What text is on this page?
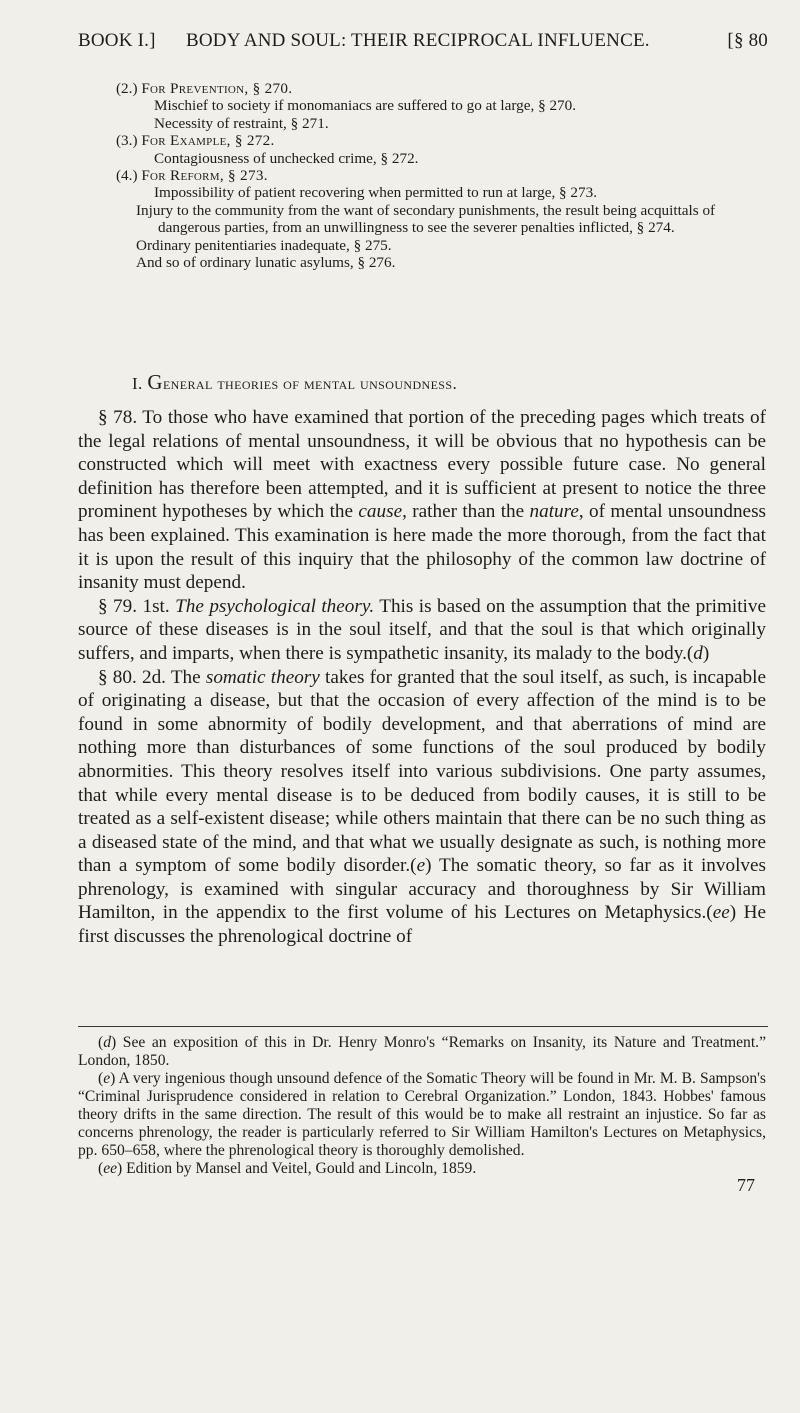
BOOK I.] BODY AND SOUL: THEIR RECIPROCAL INFLUENCE.	[§ 80
(2.) For Prevention, § 270.
Mischief to society if monomaniacs are suffered to go at large, § 270.
Necessity of restraint, § 271.
(3.) For Example, § 272.
Contagiousness of unchecked crime, § 272.
(4.) For Reform, § 273.
Impossibility of patient recovering when permitted to run at large, § 273.
Injury to the community from the want of secondary punishments, the result being acquittals of dangerous parties, from an unwillingness to see the severer penalties inflicted, § 274.
Ordinary penitentiaries inadequate, § 275.
And so of ordinary lunatic asylums, § 276.
I. General theories of mental unsoundness.

§ 78. To those who have examined that portion of the preceding pages which treats of the legal relations of mental unsoundness, it will be obvious that no hypothesis can be constructed which will meet with exactness every possible future case. No general definition has therefore been attempted, and it is sufficient at present to notice the three prominent hypotheses by which the cause, rather than the nature, of mental unsoundness has been explained. This examination is here made the more thorough, from the fact that it is upon the result of this inquiry that the philosophy of the common law doctrine of insanity must depend.

§ 79. 1st. The psychological theory. This is based on the assumption that the primitive source of these diseases is in the soul itself, and that the soul is that which originally suffers, and imparts, when there is sympathetic insanity, its malady to the body.(d)

§ 80. 2d. The somatic theory takes for granted that the soul itself, as such, is incapable of originating a disease, but that the occasion of every affection of the mind is to be found in some abnormity of bodily development, and that aberrations of mind are nothing more than disturbances of some functions of the soul produced by bodily abnormities. This theory resolves itself into various subdivisions. One party assumes, that while every mental disease is to be deduced from bodily causes, it is still to be treated as a self-existent disease; while others maintain that there can be no such thing as a diseased state of the mind, and that what we usually designate as such, is nothing more than a symptom of some bodily disorder.(e) The somatic theory, so far as it involves phrenology, is examined with singular accuracy and thoroughness by Sir William Hamilton, in the appendix to the first volume of his Lectures on Metaphysics.(ee) He first discusses the phrenological doctrine of

(d) See an exposition of this in Dr. Henry Monro's “Remarks on Insanity, its Nature and Treatment.” London, 1850.

(e) A very ingenious though unsound defence of the Somatic Theory will be found in Mr. M. B. Sampson's “Criminal Jurisprudence considered in relation to Cerebral Organization.” London, 1843. Hobbes' famous theory drifts in the same direction. The result of this would be to make all restraint an injustice. So far as concerns phrenology, the reader is particularly referred to Sir William Hamilton's Lectures on Metaphysics, pp. 650–658, where the phrenological theory is thoroughly demolished.

(ee) Edition by Mansel and Veitel, Gould and Lincoln, 1859.

77
